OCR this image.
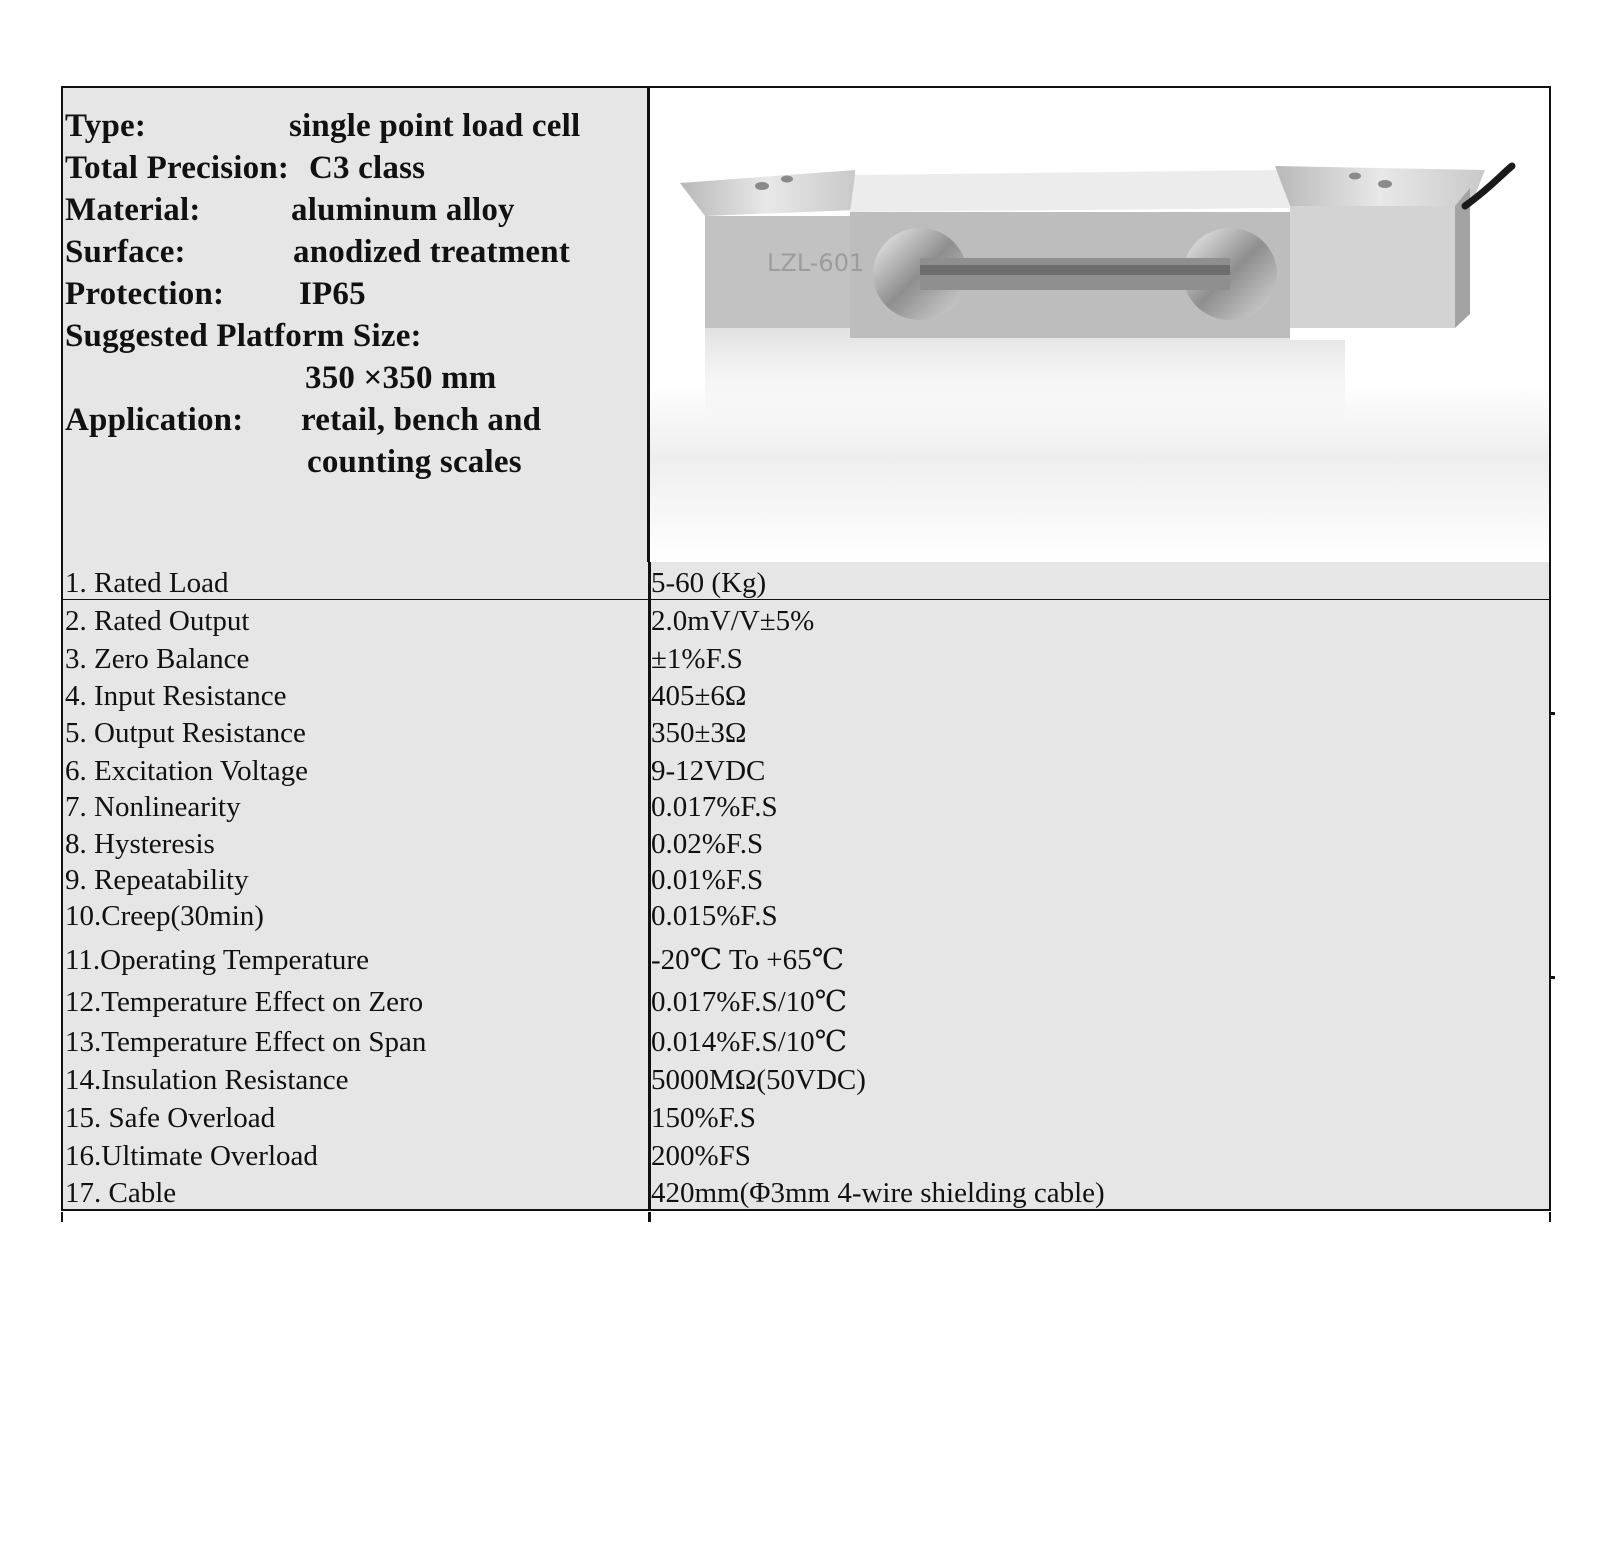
Type:	single point load cell
Total Precision: C3 class
Material:	aluminum alloy
Surface:	anodized treatment
Protection: IP65
Suggested Platform Size:
350 ×350 mm
Application: retail, bench and
counting scales
LZL-601
1. Rated Load	5-60 (Kg)
2. Rated Output	2.0mV/V±5%
3. Zero Balance	±1%F.S
4. Input Resistance	405±6Ω
5. Output Resistance	350±3Ω
6. Excitation Voltage	9-12VDC
7. Nonlinearity	0.017%F.S
8. Hysteresis	0.02%F.S
9. Repeatability	0.01%F.S
10.Creep(30min)	0.015%F.S
11.Operating Temperature	-20℃ To +65℃
12.Temperature Effect on Zero	0.017%F.S/10℃
13.Temperature Effect on Span	0.014%F.S/10℃
14.Insulation Resistance	5000MΩ(50VDC)
15. Safe Overload	150%F.S
16.Ultimate Overload	200%FS
17. Cable	420mm(Φ3mm 4-wire shielding cable)
